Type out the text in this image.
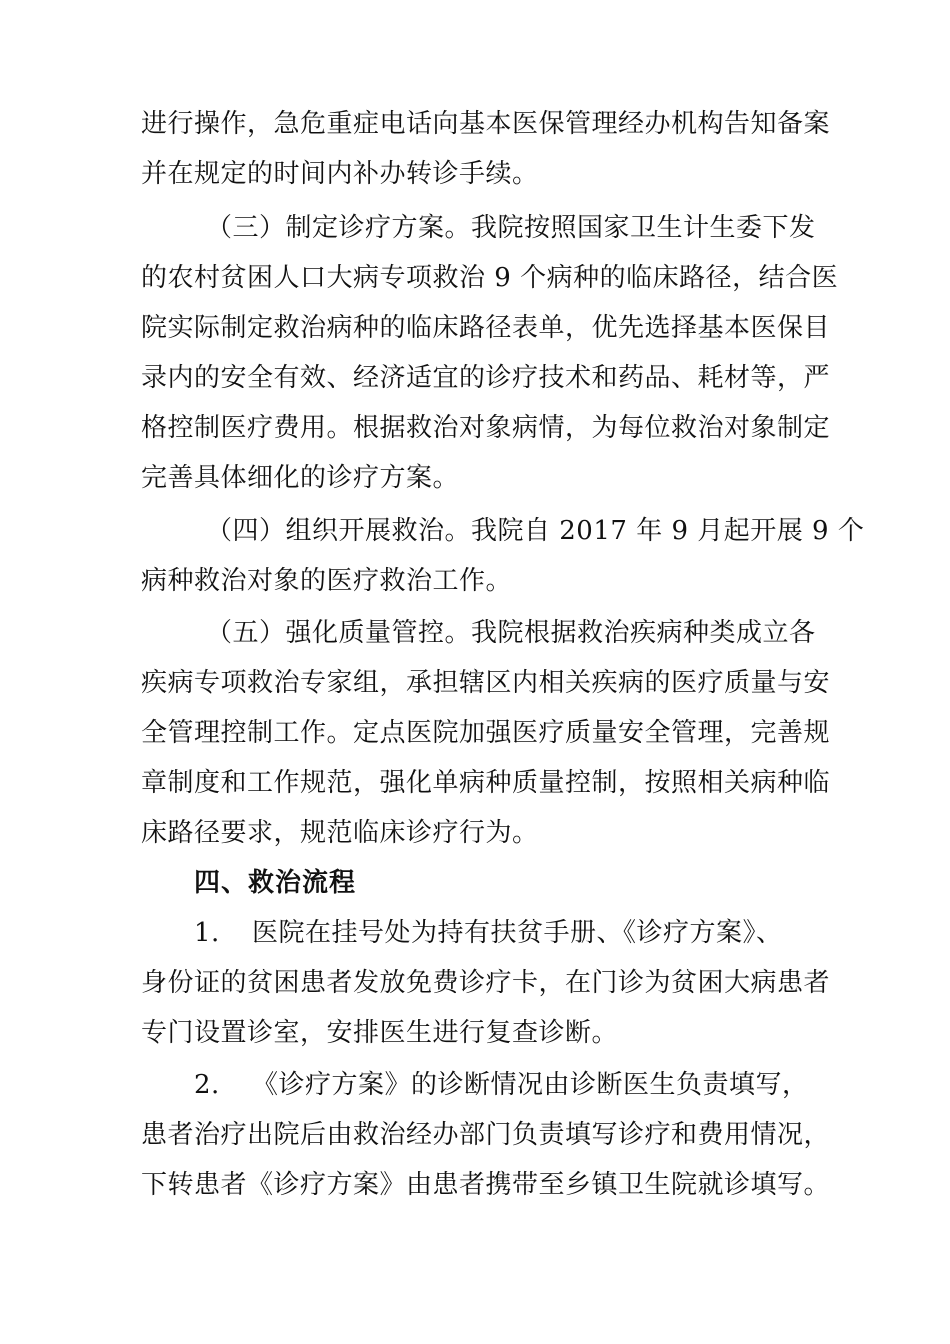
进行操作，急危重症电话向基本医保管理经办机构告知备案
并在规定的时间内补办转诊手续。
（三）制定诊疗方案。我院按照国家卫生计生委下发
的农村贫困人口大病专项救治 9 个病种的临床路径，结合医
院实际制定救治病种的临床路径表单，优先选择基本医保目
录内的安全有效、经济适宜的诊疗技术和药品、耗材等，严
格控制医疗费用。根据救治对象病情，为每位救治对象制定
完善具体细化的诊疗方案。
（四）组织开展救治。我院自 2017 年 9 月起开展 9 个
病种救治对象的医疗救治工作。
（五）强化质量管控。我院根据救治疾病种类成立各
疾病专项救治专家组，承担辖区内相关疾病的医疗质量与安
全管理控制工作。定点医院加强医疗质量安全管理，完善规
章制度和工作规范，强化单病种质量控制，按照相关病种临
床路径要求，规范临床诊疗行为。
四、救治流程
1. 医院在挂号处为持有扶贫手册、《诊疗方案》、
身份证的贫困患者发放免费诊疗卡，在门诊为贫困大病患者
专门设置诊室，安排医生进行复查诊断。
2. 《诊疗方案》的诊断情况由诊断医生负责填写，
患者治疗出院后由救治经办部门负责填写诊疗和费用情况，
下转患者《诊疗方案》由患者携带至乡镇卫生院就诊填写。
